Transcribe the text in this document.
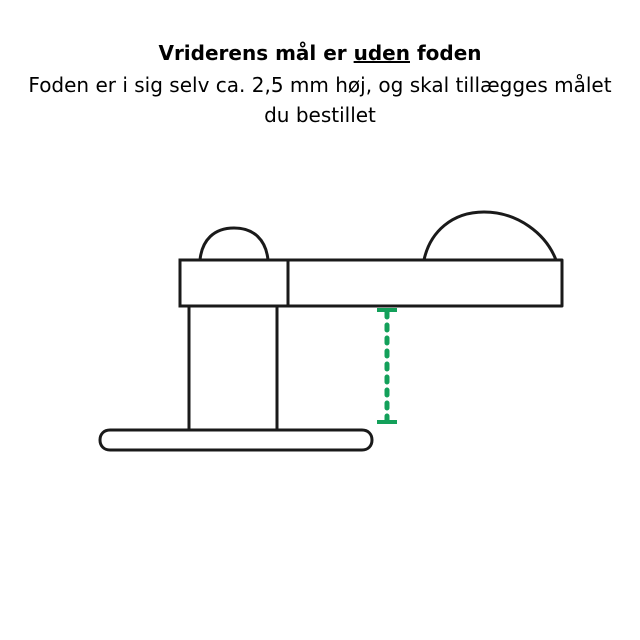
Vriderens mål er uden foden
Foden er i sig selv ca. 2,5 mm høj, og skal tillægges målet
du bestillet
